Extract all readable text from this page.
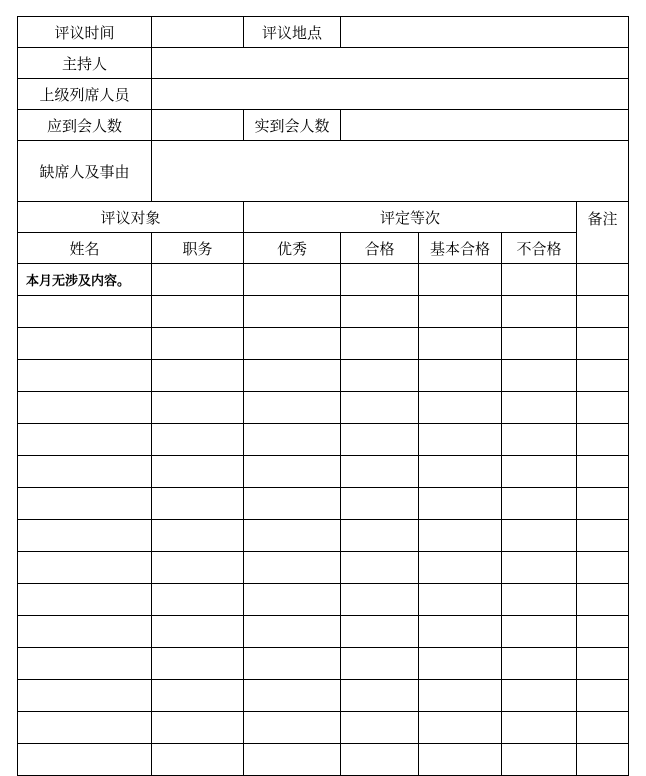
评议时间		评议地点				
主持人						
上级列席人员						
应到会人数		实到会人数				
缺席人及事由						
评议对象		评定等次				备注
姓名	职务	优秀	合格	基本合格	不合格	
本月无涉及内容。						
